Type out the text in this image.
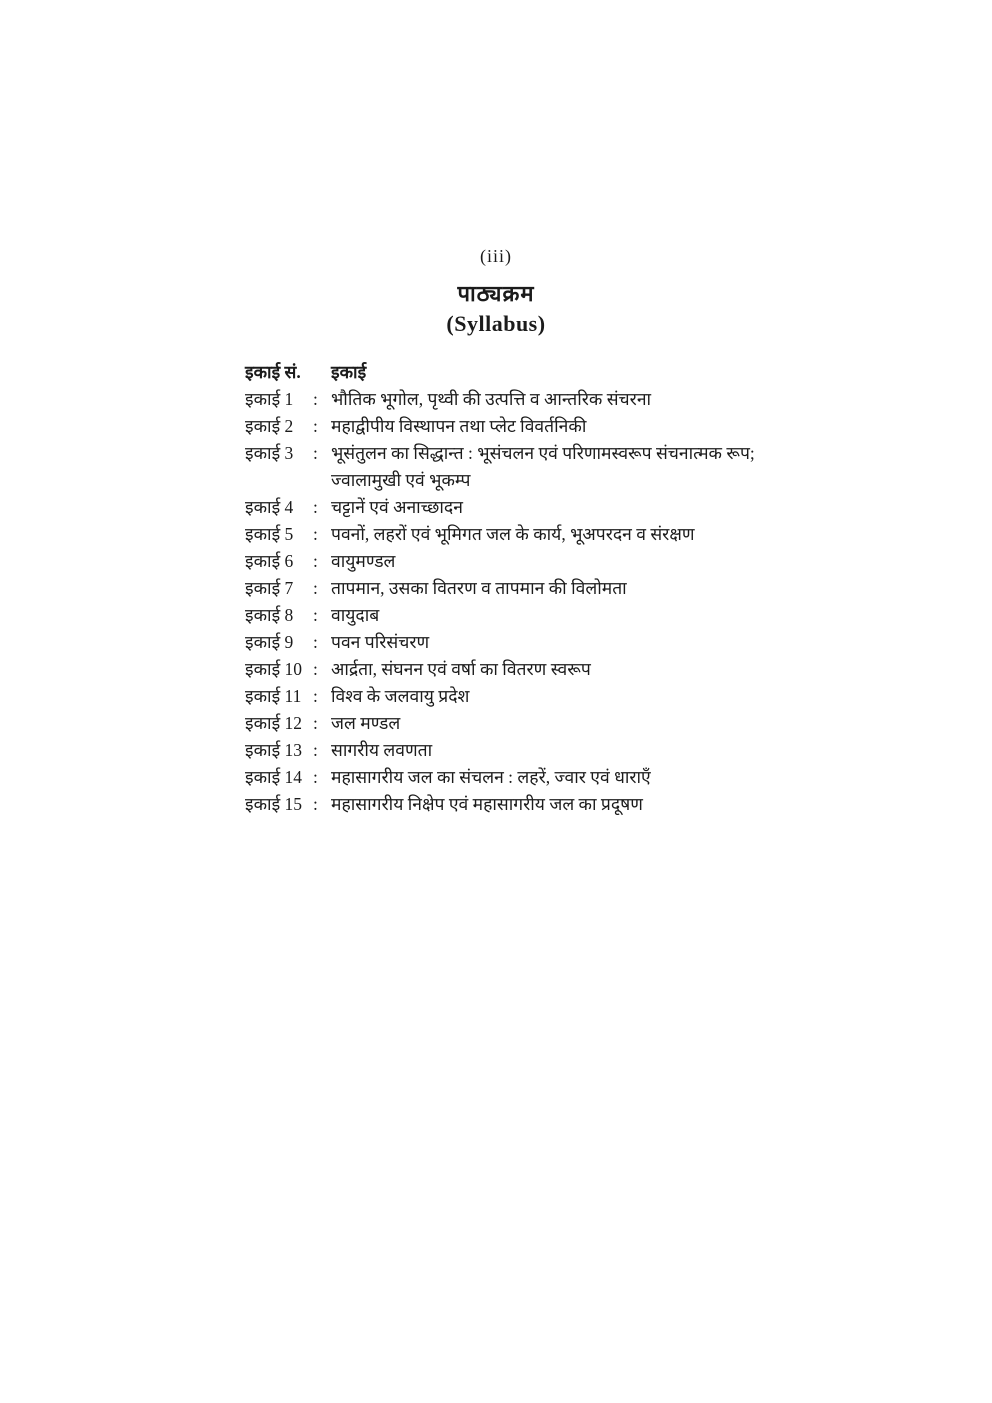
(iii)
पाठ्यक्रम
(Syllabus)
इकाई सं.	इकाई
इकाई 1	: भौतिक भूगोल, पृथ्वी की उत्पत्ति व आन्तरिक संचरना
इकाई 2	: महाद्वीपीय विस्थापन तथा प्लेट विवर्तनिकी
इकाई 3	: भूसंतुलन का सिद्धान्त : भूसंचलन एवं परिणामस्वरूप संचनात्मक रूप; ज्वालामुखी एवं भूकम्प
इकाई 4	: चट्टानें एवं अनाच्छादन
इकाई 5	: पवनों, लहरों एवं भूमिगत जल के कार्य, भूअपरदन व संरक्षण
इकाई 6	: वायुमण्डल
इकाई 7	: तापमान, उसका वितरण व तापमान की विलोमता
इकाई 8	: वायुदाब
इकाई 9	: पवन परिसंचरण
इकाई 10 : आर्द्रता, संघनन एवं वर्षा का वितरण स्वरूप
इकाई 11 : विश्व के जलवायु प्रदेश
इकाई 12 : जल मण्डल
इकाई 13 : सागरीय लवणता
इकाई 14 : महासागरीय जल का संचलन : लहरें, ज्वार एवं धाराएँ
इकाई 15 : महासागरीय निक्षेप एवं महासागरीय जल का प्रदूषण
